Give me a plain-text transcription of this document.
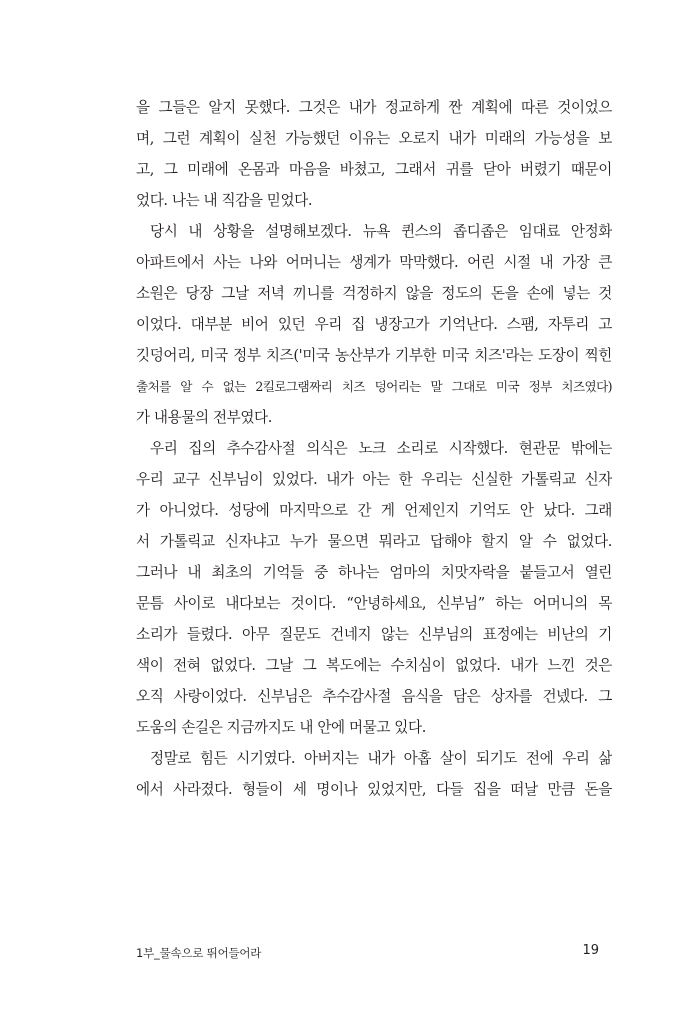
을 그들은 알지 못했다. 그것은 내가 정교하게 짠 계획에 따른 것이었으
며, 그런 계획이 실천 가능했던 이유는 오로지 내가 미래의 가능성을 보
고, 그 미래에 온몸과 마음을 바쳤고, 그래서 귀를 닫아 버렸기 때문이
었다. 나는 내 직감을 믿었다.
당시 내 상황을 설명해보겠다. 뉴욕 퀸스의 좁디좁은 임대료 안정화
아파트에서 사는 나와 어머니는 생계가 막막했다. 어린 시절 내 가장 큰
소원은 당장 그날 저녁 끼니를 걱정하지 않을 정도의 돈을 손에 넣는 것
이었다. 대부분 비어 있던 우리 집 냉장고가 기억난다. 스팸, 자투리 고
깃덩어리, 미국 정부 치즈('미국 농산부가 기부한 미국 치즈'라는 도장이 찍힌
출처를 알 수 없는 2킬로그램짜리 치즈 덩어리는 말 그대로 미국 정부 치즈였다)
가 내용물의 전부였다.
우리 집의 추수감사절 의식은 노크 소리로 시작했다. 현관문 밖에는
우리 교구 신부님이 있었다. 내가 아는 한 우리는 신실한 가톨릭교 신자
가 아니었다. 성당에 마지막으로 간 게 언제인지 기억도 안 났다. 그래
서 가톨릭교 신자냐고 누가 물으면 뭐라고 답해야 할지 알 수 없었다.
그러나 내 최초의 기억들 중 하나는 엄마의 치맛자락을 붙들고서 열린
문틈 사이로 내다보는 것이다. “안녕하세요, 신부님” 하는 어머니의 목
소리가 들렸다. 아무 질문도 건네지 않는 신부님의 표정에는 비난의 기
색이 전혀 없었다. 그날 그 복도에는 수치심이 없었다. 내가 느낀 것은
오직 사랑이었다. 신부님은 추수감사절 음식을 담은 상자를 건넸다. 그
도움의 손길은 지금까지도 내 안에 머물고 있다.
정말로 힘든 시기였다. 아버지는 내가 아홉 살이 되기도 전에 우리 삶
에서 사라졌다. 형들이 세 명이나 있었지만, 다들 집을 떠날 만큼 돈을
1부_물속으로 뛰어들어라	19
